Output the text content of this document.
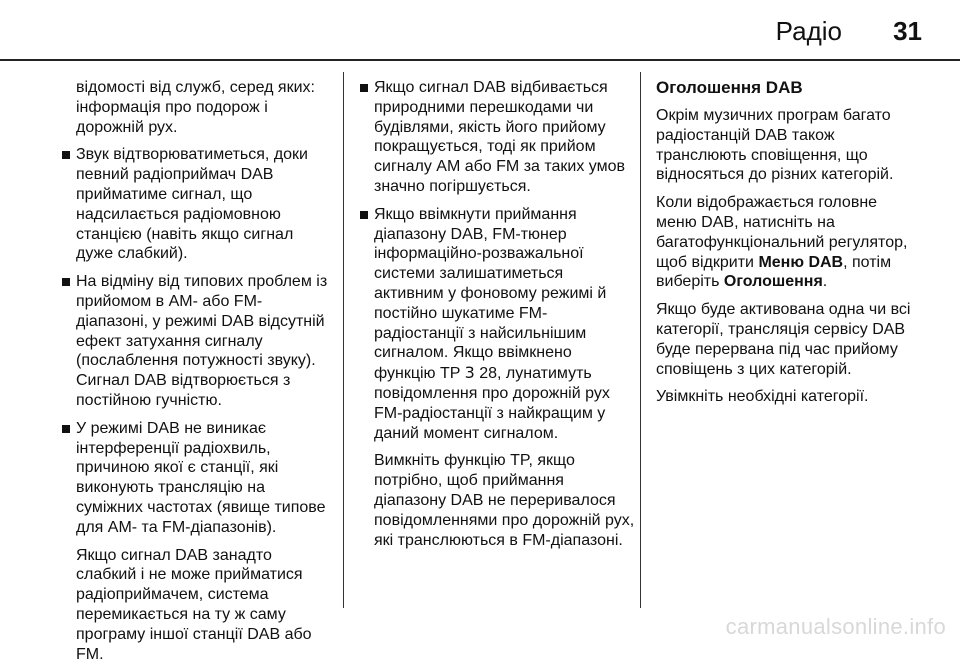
Радіо 31

відомості від служб, серед яких: інформація про подорож і дорожній рух.

Звук відтворюватиметься, доки певний радіоприймач DAB прийматиме сигнал, що надсилається радіомовною станцією (навіть якщо сигнал дуже слабкий).
На відміну від типових проблем із прийомом в AM- або FM-діапазоні, у режимі DAB відсутній ефект затухання сигналу (послаблення потужності звуку). Сигнал DAB відтворюється з постійною гучністю.
У режимі DAB не виникає інтерференції радіохвиль, причиною якої є станції, які виконують трансляцію на суміжних частотах (явище типове для AM- та FM-діапазонів).

Якщо сигнал DAB занадто слабкий і не може прийматися радіоприймачем, система перемикається на ту ж саму програму іншої станції DAB або FM.

Якщо сигнал DAB відбивається природними перешкодами чи будівлями, якість його прийому покращується, тоді як прийом сигналу AM або FM за таких умов значно погіршується.
Якщо ввімкнути приймання діапазону DAB, FM-тюнер інформаційно-розважальної системи залишатиметься активним у фоновому режимі й постійно шукатиме FM-радіостанції з найсильнішим сигналом. Якщо ввімкнено функцію TP 3 28, лунатимуть повідомлення про дорожній рух FM-радіостанції з найкращим у даний момент сигналом.

Вимкніть функцію TP, якщо потрібно, щоб приймання діапазону DAB не переривалося повідомленнями про дорожній рух, які транслюються в FM-діапазоні.

Оголошення DAB

Окрім музичних програм багато радіостанцій DAB також транслюють сповіщення, що відносяться до різних категорій.

Коли відображається головне меню DAB, натисніть на багатофункціональний регулятор, щоб відкрити Меню DAB, потім виберіть Оголошення.

Якщо буде активована одна чи всі категорії, трансляція сервісу DAB буде перервана під час прийому сповіщень з цих категорій.

Увімкніть необхідні категорії.

carmanualsonline.info
